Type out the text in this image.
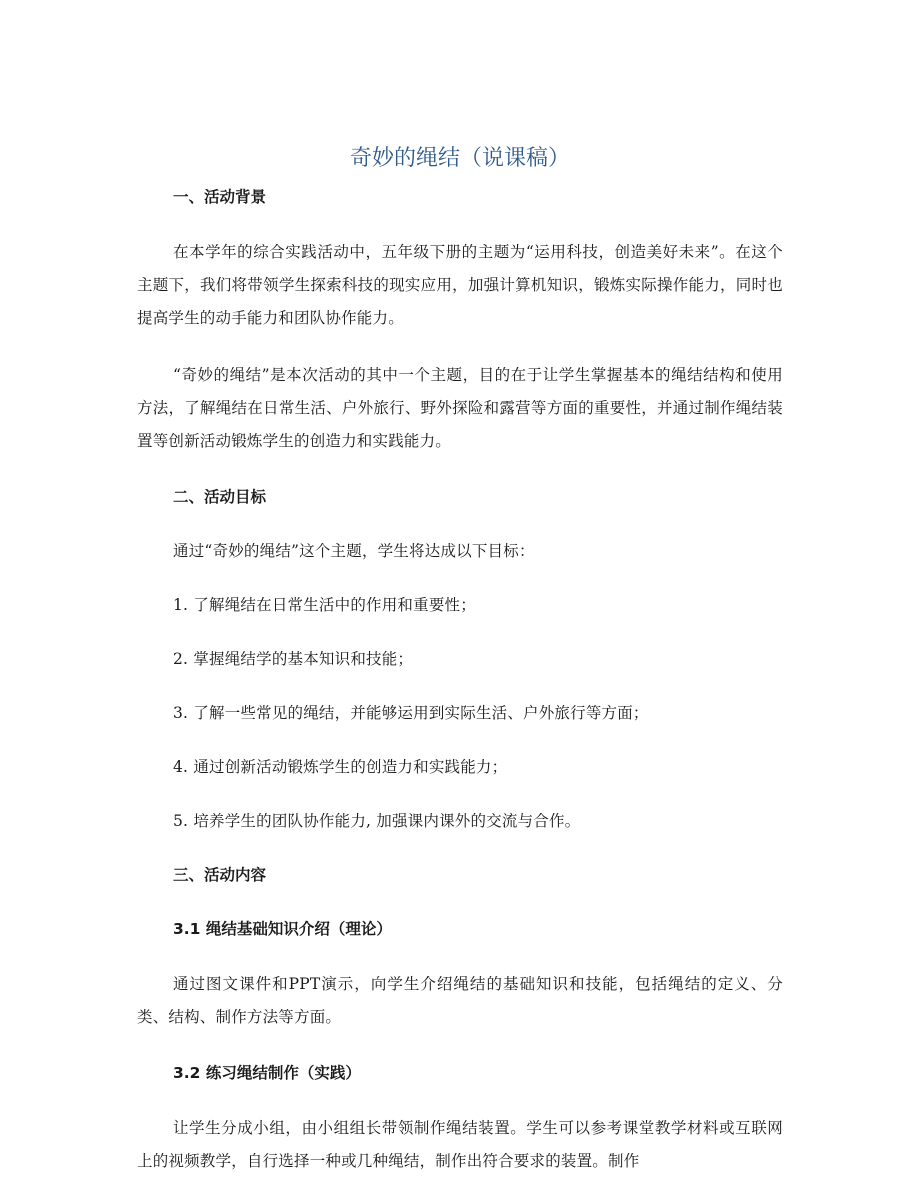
奇妙的绳结（说课稿）
一、活动背景

在本学年的综合实践活动中，五年级下册的主题为“运用科技，创造美好未来”。在这个主题下，我们将带领学生探索科技的现实应用，加强计算机知识，锻炼实际操作能力，同时也提高学生的动手能力和团队协作能力。

“奇妙的绳结”是本次活动的其中一个主题，目的在于让学生掌握基本的绳结结构和使用方法，了解绳结在日常生活、户外旅行、野外探险和露营等方面的重要性，并通过制作绳结装置等创新活动锻炼学生的创造力和实践能力。

二、活动目标
通过“奇妙的绳结”这个主题，学生将达成以下目标：
1. 了解绳结在日常生活中的作用和重要性；
2. 掌握绳结学的基本知识和技能；
3. 了解一些常见的绳结，并能够运用到实际生活、户外旅行等方面；
4. 通过创新活动锻炼学生的创造力和实践能力；
5. 培养学生的团队协作能力, 加强课内课外的交流与合作。
三、活动内容
3.1 绳结基础知识介绍（理论）

通过图文课件和PPT演示，向学生介绍绳结的基础知识和技能，包括绳结的定义、分类、结构、制作方法等方面。

3.2 练习绳结制作（实践）

让学生分成小组，由小组组长带领制作绳结装置。学生可以参考课堂教学材料或互联网上的视频教学，自行选择一种或几种绳结，制作出符合要求的装置。制作
